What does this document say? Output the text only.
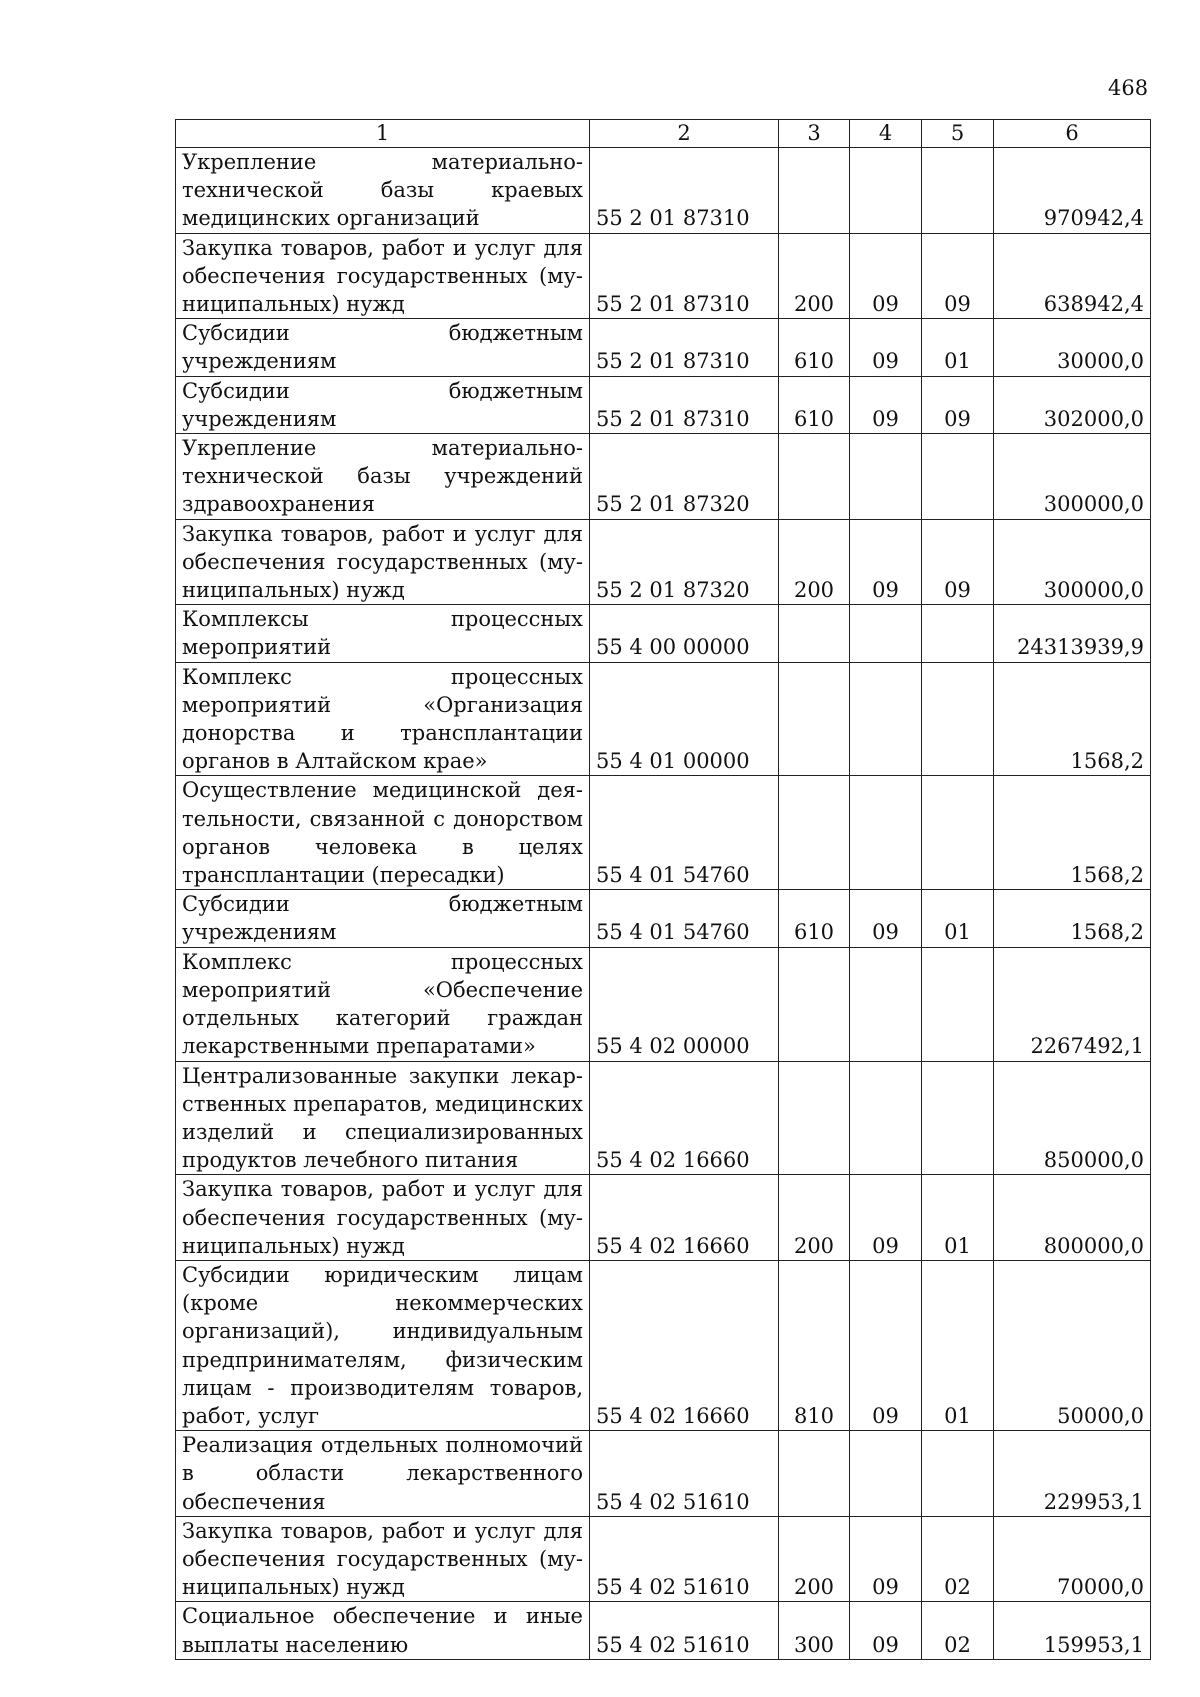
468
1	2	3	4	5	6
Укрепление материально-технической базы краевых медицинских организаций	55 2 01 87310				970942,4
Закупка товаров, работ и услуг для обеспечения государственных (муниципальных) нужд	55 2 01 87310	200	09	09	638942,4
Субсидии бюджетным учреждениям	55 2 01 87310	610	09	01	30000,0
Субсидии бюджетным учреждениям	55 2 01 87310	610	09	09	302000,0
Укрепление материально-технической базы учреждений здравоохранения	55 2 01 87320				300000,0
Закупка товаров, работ и услуг для обеспечения государственных (муниципальных) нужд	55 2 01 87320	200	09	09	300000,0
Комплексы процессных мероприятий	55 4 00 00000				24313939,9
Комплекс процессных мероприятий «Организация донорства и трансплантации органов в Алтайском крае»	55 4 01 00000				1568,2
Осуществление медицинской деятельности, связанной с донорством органов человека в целях трансплантации (пересадки)	55 4 01 54760				1568,2
Субсидии бюджетным учреждениям	55 4 01 54760	610	09	01	1568,2
Комплекс процессных мероприятий «Обеспечение отдельных категорий граждан лекарственными препаратами»	55 4 02 00000				2267492,1
Централизованные закупки лекарственных препаратов, медицинских изделий и специализированных продуктов лечебного питания	55 4 02 16660				850000,0
Закупка товаров, работ и услуг для обеспечения государственных (муниципальных) нужд	55 4 02 16660	200	09	01	800000,0
Субсидии юридическим лицам (кроме некоммерческих организаций), индивидуальным предпринимателям, физическим лицам - производителям товаров, работ, услуг	55 4 02 16660	810	09	01	50000,0
Реализация отдельных полномочий в области лекарственного обеспечения	55 4 02 51610				229953,1
Закупка товаров, работ и услуг для обеспечения государственных (муниципальных) нужд	55 4 02 51610	200	09	02	70000,0
Социальное обеспечение и иные выплаты населению	55 4 02 51610	300	09	02	159953,1
